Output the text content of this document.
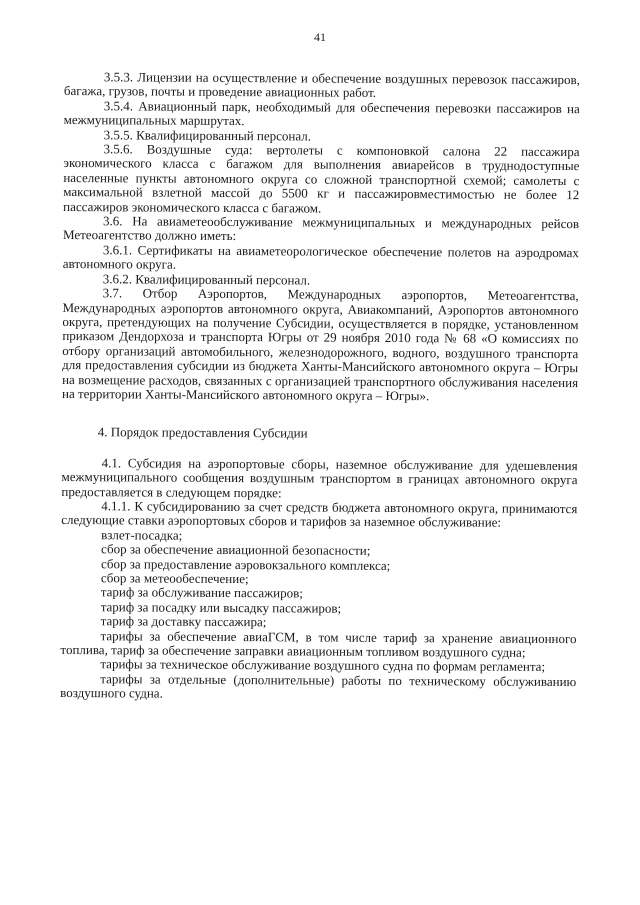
41

3.5.3. Лицензии на осуществление и обеспечение воздушных перевозок пассажиров, багажа, грузов, почты и проведение авиационных работ.

3.5.4. Авиационный парк, необходимый для обеспечения перевозки пассажиров на межмуниципальных маршрутах.

3.5.5. Квалифицированный персонал.

3.5.6. Воздушные суда: вертолеты с компоновкой салона 22 пассажира экономического класса с багажом для выполнения авиарейсов в труднодоступные населенные пункты автономного округа со сложной транспортной схемой; самолеты с максимальной взлетной массой до 5500 кг и пассажировместимостью не более 12 пассажиров экономического класса с багажом.

3.6. На авиаметеообслуживание межмуниципальных и международных рейсов Метеоагентство должно иметь:

3.6.1. Сертификаты на авиаметеорологическое обеспечение полетов на аэродромах автономного округа.

3.6.2. Квалифицированный персонал.

3.7. Отбор Аэропортов, Международных аэропортов, Метеоагентства, Международных аэропортов автономного округа, Авиакомпаний, Аэропортов автономного округа, претендующих на получение Субсидии, осуществляется в порядке, установленном приказом Дендорхоза и транспорта Югры от 29 ноября 2010 года № 68 «О комиссиях по отбору организаций автомобильного, железнодорожного, водного, воздушного транспорта для предоставления субсидии из бюджета Ханты-Мансийского автономного округа – Югры на возмещение расходов, связанных с организацией транспортного обслуживания населения на территории Ханты-Мансийского автономного округа – Югры».

4. Порядок предоставления Субсидии

4.1. Субсидия на аэропортовые сборы, наземное обслуживание для удешевления межмуниципального сообщения воздушным транспортом в границах автономного округа предоставляется в следующем порядке:

4.1.1. К субсидированию за счет средств бюджета автономного округа, принимаются следующие ставки аэропортовых сборов и тарифов за наземное обслуживание:

взлет-посадка;

сбор за обеспечение авиационной безопасности;

сбор за предоставление аэровокзального комплекса;

сбор за метеообеспечение;

тариф за обслуживание пассажиров;

тариф за посадку или высадку пассажиров;

тариф за доставку пассажира;

тарифы за обеспечение авиаГСМ, в том числе тариф за хранение авиационного топлива, тариф за обеспечение заправки авиационным топливом воздушного судна;

тарифы за техническое обслуживание воздушного судна по формам регламента;

тарифы за отдельные (дополнительные) работы по техническому обслуживанию воздушного судна.
